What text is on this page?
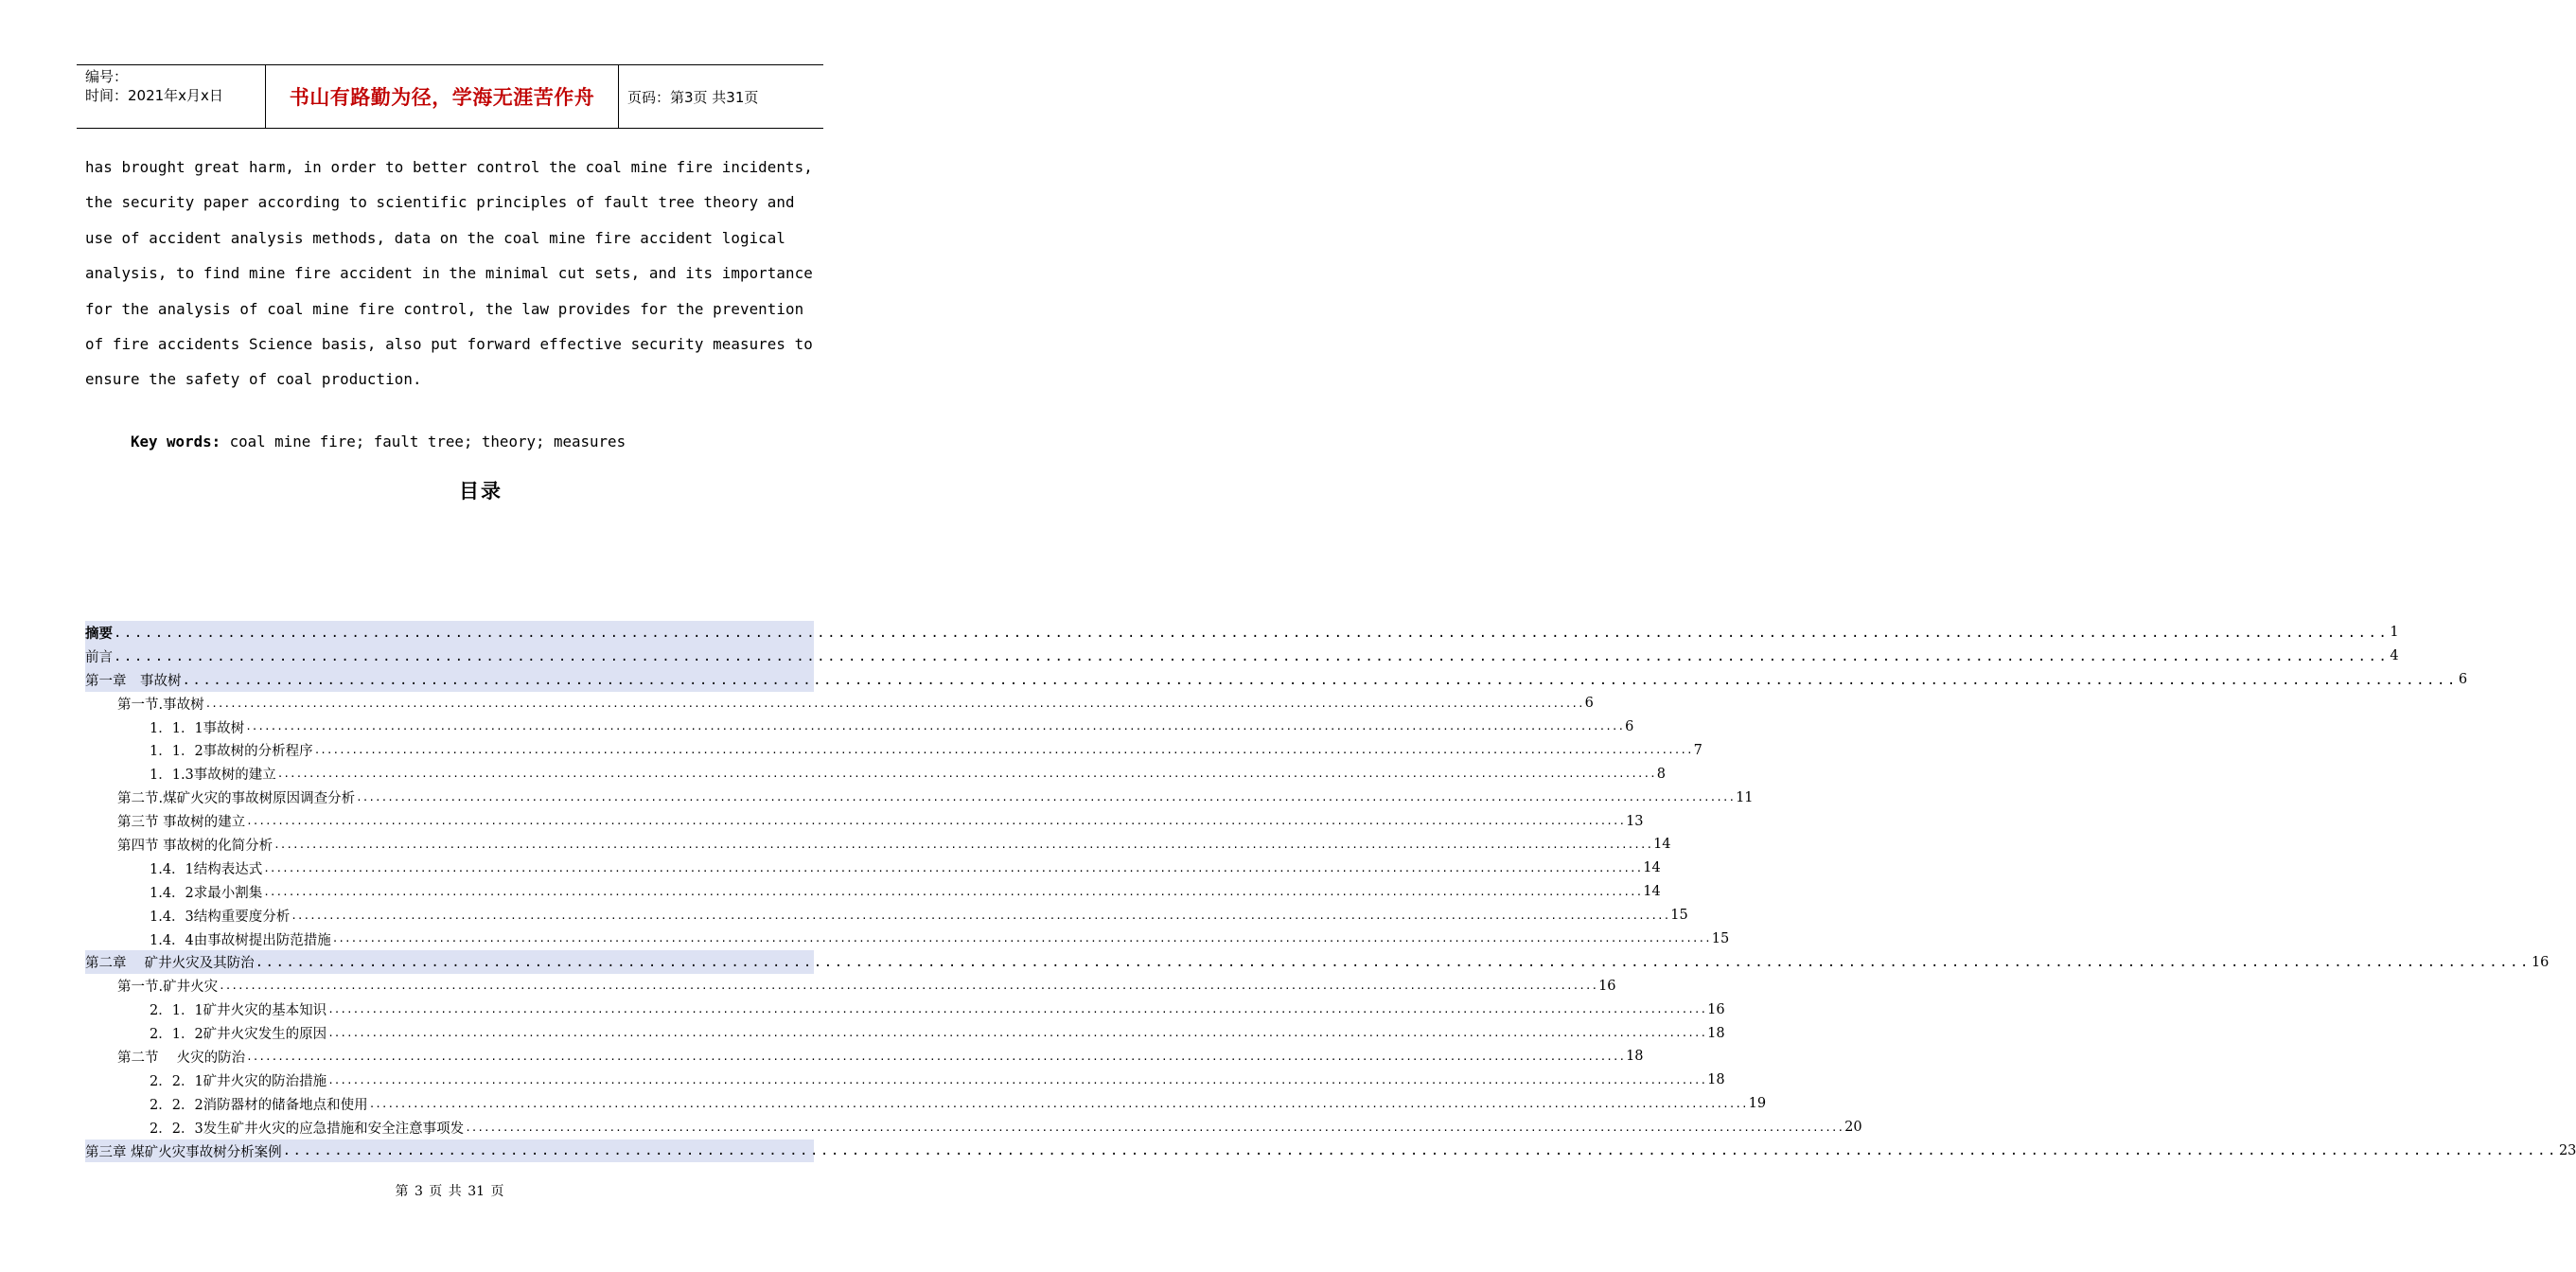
编号：
时间：2021年x月x日	书山有路勤为径，学海无涯苦作舟	页码：第3页 共31页
has brought great harm, in order to better control the coal mine fire incidents,
the security paper according to scientific principles of fault tree theory and
use of accident analysis methods, data on the coal mine fire accident logical
analysis, to find mine fire accident in the minimal cut sets, and its importance
for the analysis of coal mine fire control, the law provides for the prevention
of fire accidents Science basis, also put forward effective security measures to
ensure the safety of coal production.
Key words: coal mine fire; fault tree; theory; measures
目录
摘要 ............................................................................................................................................................................................................................ 1
前言 ............................................................................................................................................................................................................................ 4
第一章　事故树 ............................................................................................................................................................................................................................ 6
第一节.事故树 ............................................................................................................................................................................................................................ 6
1．1．1事故树 ............................................................................................................................................................................................................................ 6
1．1．2事故树的分析程序 ............................................................................................................................................................................................................................ 7
1．1.3事故树的建立 ............................................................................................................................................................................................................................ 8
第二节.煤矿火灾的事故树原因调查分析 ............................................................................................................................................................................................................................ 11
第三节 事故树的建立 ............................................................................................................................................................................................................................ 13
第四节 事故树的化简分析 ............................................................................................................................................................................................................................ 14
1.4．1结构表达式 ............................................................................................................................................................................................................................ 14
1.4．2求最小割集 ............................................................................................................................................................................................................................ 14
1.4．3结构重要度分析 ............................................................................................................................................................................................................................ 15
1.4．4由事故树提出防范措施 ............................................................................................................................................................................................................................ 15
第二章　 矿井火灾及其防治 ............................................................................................................................................................................................................................ 16
第一节.矿井火灾 ............................................................................................................................................................................................................................ 16
2．1．1矿井火灾的基本知识 ............................................................................................................................................................................................................................ 16
2．1．2矿井火灾发生的原因 ............................................................................................................................................................................................................................ 18
第二节　 火灾的防治 ............................................................................................................................................................................................................................ 18
2．2．1矿井火灾的防治措施 ............................................................................................................................................................................................................................ 18
2．2．2消防器材的储备地点和使用 ............................................................................................................................................................................................................................ 19
2．2．3发生矿井火灾的应急措施和安全注意事项发 ............................................................................................................................................................................................................................ 20
第三章 煤矿火灾事故树分析案例 ............................................................................................................................................................................................................................ 23
第 3 页 共 31 页
